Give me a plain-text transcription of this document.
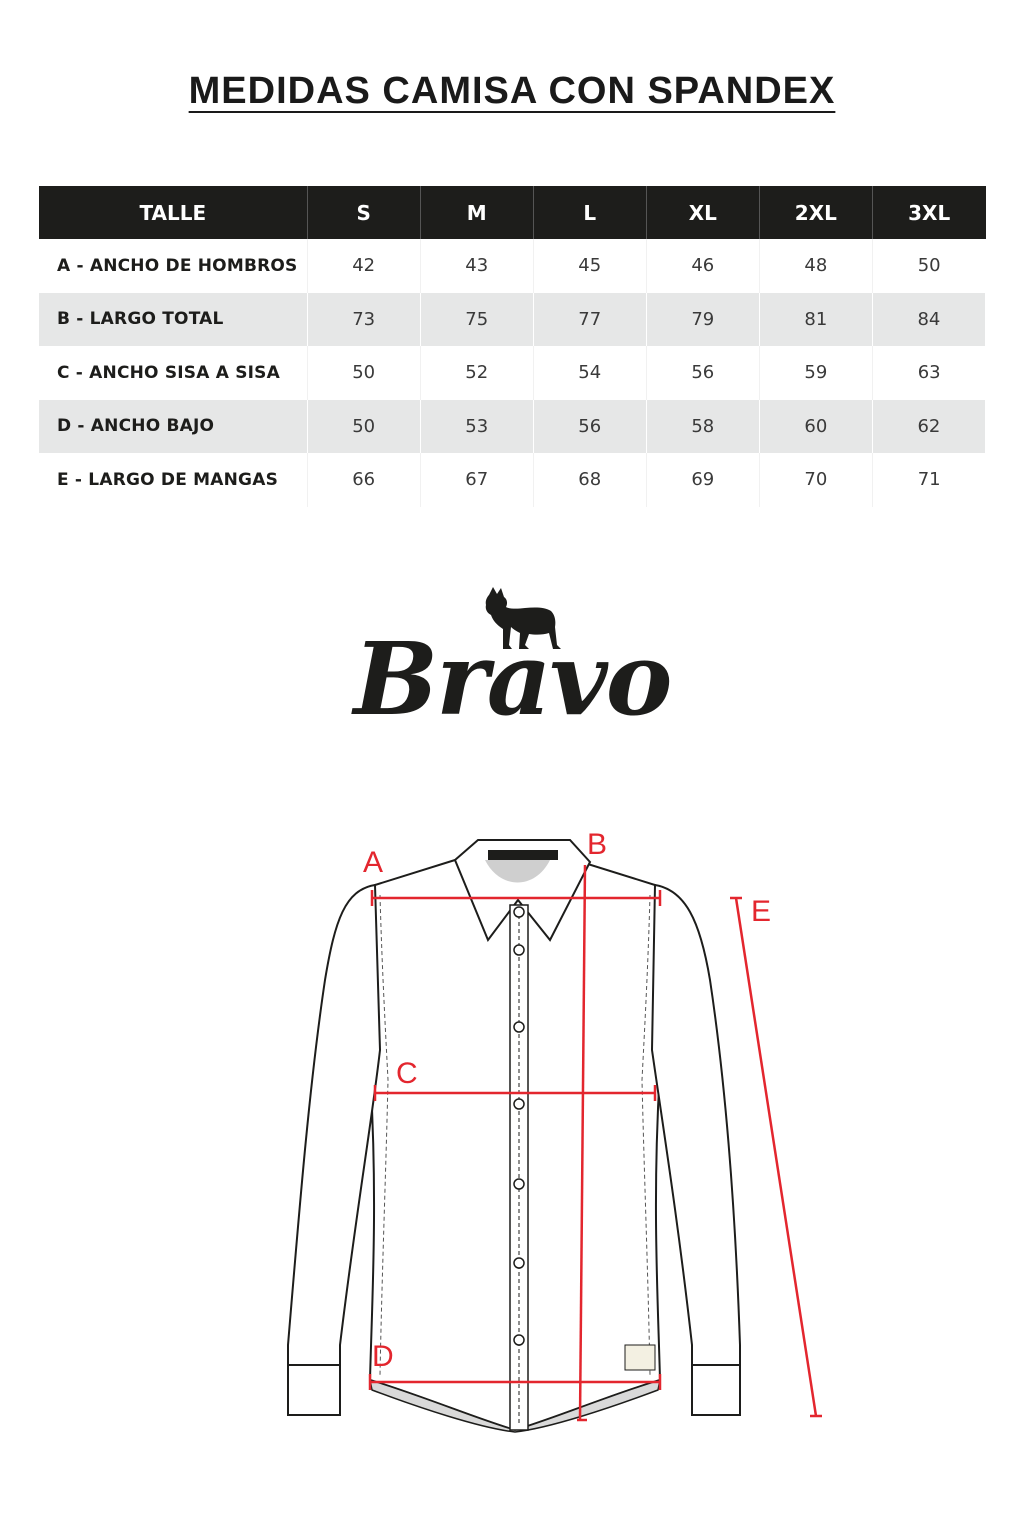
MEDIDAS CAMISA CON SPANDEX
TALLE	S	M	L	XL	2XL	3XL
A - ANCHO DE HOMBROS	42	43	45	46	48	50
B - LARGO TOTAL	73	75	77	79	81	84
C - ANCHO SISA A SISA	50	52	54	56	59	63
D - ANCHO BAJO	50	53	56	58	60	62
E - LARGO DE MANGAS	66	67	68	69	70	71
Bravo
A
B
C
D
E
